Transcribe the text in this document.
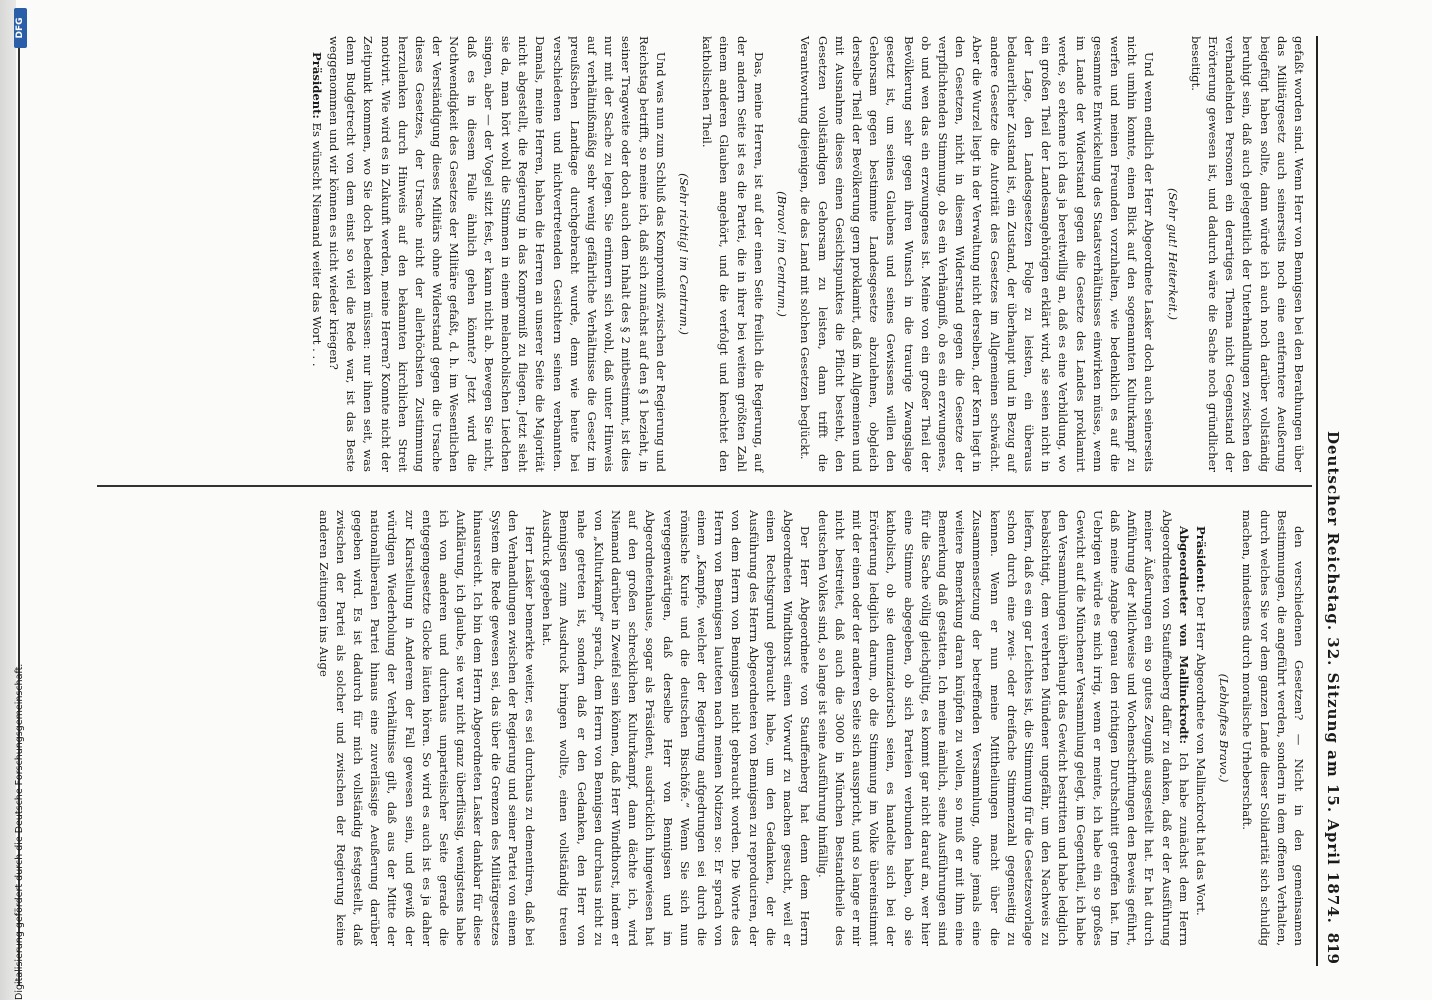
Deutscher Reichstag. 32. Sitzung am 15. April 1874.
819

gefaßt worden sind. Wenn Herr von Bennigsen bei den Berathungen über das Militärgesetz auch seinerseits noch eine entferntere Aeußerung beigefügt haben sollte, dann würde ich auch noch darüber vollständig beruhigt sein, daß auch gelegentlich der Unterhandlungen zwischen den verhandelnden Personen ein derartiges Thema nicht Gegenstand der Erörterung gewesen ist, und dadurch wäre die Sache noch gründlicher beseitigt.

(Sehr gut! Heiterkeit.)

Und wenn endlich der Herr Abgeordnete Lasker doch auch seinerseits nicht umhin konnte, einen Blick auf den sogenannten Kulturkampf zu werfen und meinen Freunden vorzuhalten, wie bedenklich es auf die gesammte Entwickelung des Staatsverhältnisses einwirken müsse, wenn im Lande der Widerstand gegen die Gesetze des Landes proklamirt werde, so erkenne ich das ja bereitwillig an, daß es eine Verbildung, wo ein großen Theil der Landesangehörigen erklärt wird, sie seien nicht in der Lage, den Landesgesetzen Folge zu leisten, ein überaus bedauerlicher Zustand ist, ein Zustand, der überhaupt und in Bezug auf andere Gesetze die Autorität des Gesetzes im Allgemeinen schwächt. Aber die Wurzel liegt in der Verwaltung nicht derselben, der Kern liegt in den Gesetzen, nicht in diesem Widerstand gegen die Gesetze der verpflichtenden Stimmung, ob es ein Verhängniß, ob es ein erzwungenes, ob und wen das ein erzwungenes ist. Meine von ein großer Theil der Bevölkerung sehr gegen ihren Wunsch in die traurige Zwangslage gesetzt ist, um seines Glaubens und seines Gewissens willen den Gehorsam gegen bestimmte Landesgesetze abzulehnen, obgleich derselbe Theil der Bevölkerung gern proklamirt, daß im Allgemeinen und mit Ausnahme dieses einen Gesichtspunktes die Pflicht besteht, den Gesetzen vollständigen Gehorsam zu leisten, dann trifft die Verantwortung diejenigen, die das Land mit solchen Gesetzen beglückt.

(Bravo! im Centrum.)

Das, meine Herren, ist auf der einen Seite freilich die Regierung, auf der andern Seite ist es die Partei, die in ihrer bei weitem größten Zahl einem anderen Glauben angehört, und die verfolgt und knechtet den katholischen Theil.

(Sehr richtig! im Centrum.)

Und was nun zum Schluß das Kompromiß zwischen der Regierung und Reichstag betrifft, so meine ich, daß sich zunächst auf den § 1 bezieht, in seiner Tragweite oder doch auch dem Inhalt des § 2 mitbestimmt, ist dies nur mit der Sache zu legen. Sie erinnern sich wohl, daß unter Hinweis auf verhältnißmäßig sehr wenig gefährliche Verhältnisse die Gesetz im preußischen Landtage durchgebracht wurde, denn wie heute bei verschiedenen und nichtvertretenden Gesichtern seinen verbannten. Damals, meine Herren, haben die Herren an unserer Seite die Majorität nicht abgestellt, die Regierung in das Kompromiß zu fliegen. Jetzt sieht sie da, man hört wohl die Stimmen in einem melancholischen Liedchen singen, aber — der Vogel sitzt fest, er kann nicht ab. Bewegen Sie nicht, daß es in diesem Falle ähnlich gehen könnte? Jetzt wird die Nothwendigkeit des Gesetzes der Militäre gefaßt, d. h. im Wesentlichen der Verständigung dieses Militärs ohne Widerstand gegen die Ursache dieses Gesetzes, der Ursache nicht der allerhöchsten Zustimmung herzulenken durch Hinweis auf den bekannten kirchlichen Streit motivirt. Wie wird es in Zukunft werden, meine Herren? Konnte nicht der Zeitpunkt kommen, wo Sie doch bedenken müssen: nur ihnen seit, was denn Budgetrecht von dem einst so viel die Rede war, ist das Beste weggenommen und wir können es nicht wieder kriegen?

Präsident: Es wünscht Niemand weiter das Wort . . .

den verschiedenen Gesetzen? — Nicht in den gemeinsamen Bestimmungen, die angeführt werden, sondern in dem offenen Verhalten, durch welches Sie vor dem ganzen Lande dieser Solidarität sich schuldig machen, mindestens durch moralische Urheberschaft.

(Lebhaftes Bravo.)

Präsident: Der Herr Abgeordnete von Mallinckrodt hat das Wort.

Abgeordneter von Mallinckrodt: Ich habe zunächst dem Herrn Abgeordneten von Stauffenberg dafür zu danken, daß er der Ausführung meiner Äußerungen ein so gutes Zeugniß ausgestellt hat. Er hat durch Anführung der Milchweise und Wochenschriftungen den Beweis geführt, daß meine Angabe genau den richtigen Durchschnitt getroffen hat. Im Uebrigen würde es mich irrig, wenn er meinte, ich habe ein so großes Gewicht auf die Münchener Versammlung gelegt, im Gegentheil, ich habe den Versammlungen überhaupt das Gewicht bestritten und habe lediglich beabsichtigt, dem verehrten Mündener ungefähr, um den Nachweis zu liefern, daß es ein gar Leichtes ist, die Stimmung für die Gesetzesvorlage schon durch eine zwei- oder dreifache Stimmenzahl gegenseitig zu kennen. Wenn er nun meine Mittheilungen macht über die Zusammensetzung der betreffenden Versammlung, ohne jemals eine weitere Bemerkung daran knüpfen zu wollen, so muß er mit ihm eine Bemerkung daß gestatten. Ich meine nämlich, seine Ausführungen sind für die Sache völlig gleichgültig, es kommt gar nicht darauf an, wer hier eine Stimme abgegeben, ob sich Parteien verbunden haben, ob sie katholisch, ob sie denunziatorisch seien, es handelte sich bei der Erörterung lediglich darum, ob die Stimmung im Volke übereinstimmt mit der einen oder der anderen Seite sich ausspricht, und so lange er mir nicht bestreitet, daß auch die 3000 in München Bestandtheile des deutschen Volkes sind, so lange ist seine Ausführung hinfällig.

Der Herr Abgeordnete von Stauffenberg hat denn dem Herrn Abgeordneten Windthorst einen Vorwurf zu machen gesucht, weil er einen Rechtsgrund gebraucht habe, um den Gedanken, der die Ausführung des Herrn Abgeordneten von Bennigsen zu reproduciren, der von dem Herrn von Bennigsen nicht gebraucht worden. Die Worte des Herrn von Bennigsen lauteten nach meinen Notizen so: Er sprach von einem „Kampfe, welcher der Regierung aufgedrungen sei durch die römische Kurie und die deutschen Bischöfe.“ Wenn Sie sich nun vergegenwärtigen, daß derselbe Herr von Bennigsen und im Abgeordnetenhause, sogar als Präsident, ausdrücklich hingewiesen hat auf den großen schrecklichen Kulturkampf, dann dächte ich, wird Niemand darüber in Zweifel sein können, daß Herr Windthorst, indem er von „Kulturkampf“ sprach, dem Herrn von Bennigsen durchaus nicht zu nahe getreten ist, sondern daß er den Gedanken, den Herr von Bennigsen zum Ausdruck bringen wollte, einen vollständig treuen Ausdruck gegeben hat.

Herr Lasker bemerkte weiter, es sei durchaus zu dementiren, daß bei den Verhandlungen zwischen der Regierung und seiner Partei von einem System die Rede gewesen sei, das über die Grenzen des Militärgesetzes hinausreicht. Ich bin dem Herrn Abgeordneten Lasker dankbar für diese Aufklärung, ich glaube, sie war nicht ganz überflüssig, wenigstens habe ich von anderen und durchaus unparteiischer Seite gerade die entgegengesetzte Glocke läuten hören. So wird es auch ist es ja daher zur Klarstellung in Anderem der Fall gewesen sein, und gewiß der würdigen Wiederholung der Verhältnisse gilt, daß aus der Mitte der nationalliberalen Partei hinaus eine zuverlässige Aeußerung darüber gegeben wird. Es ist dadurch für mich vollständig festgestellt, daß zwischen der Partei als solcher und zwischen der Regierung keine anderen Zeitungen ins Auge

Digitalisierung gefördert durch die Deutsche Forschungsgemeinschaft.
DFG
